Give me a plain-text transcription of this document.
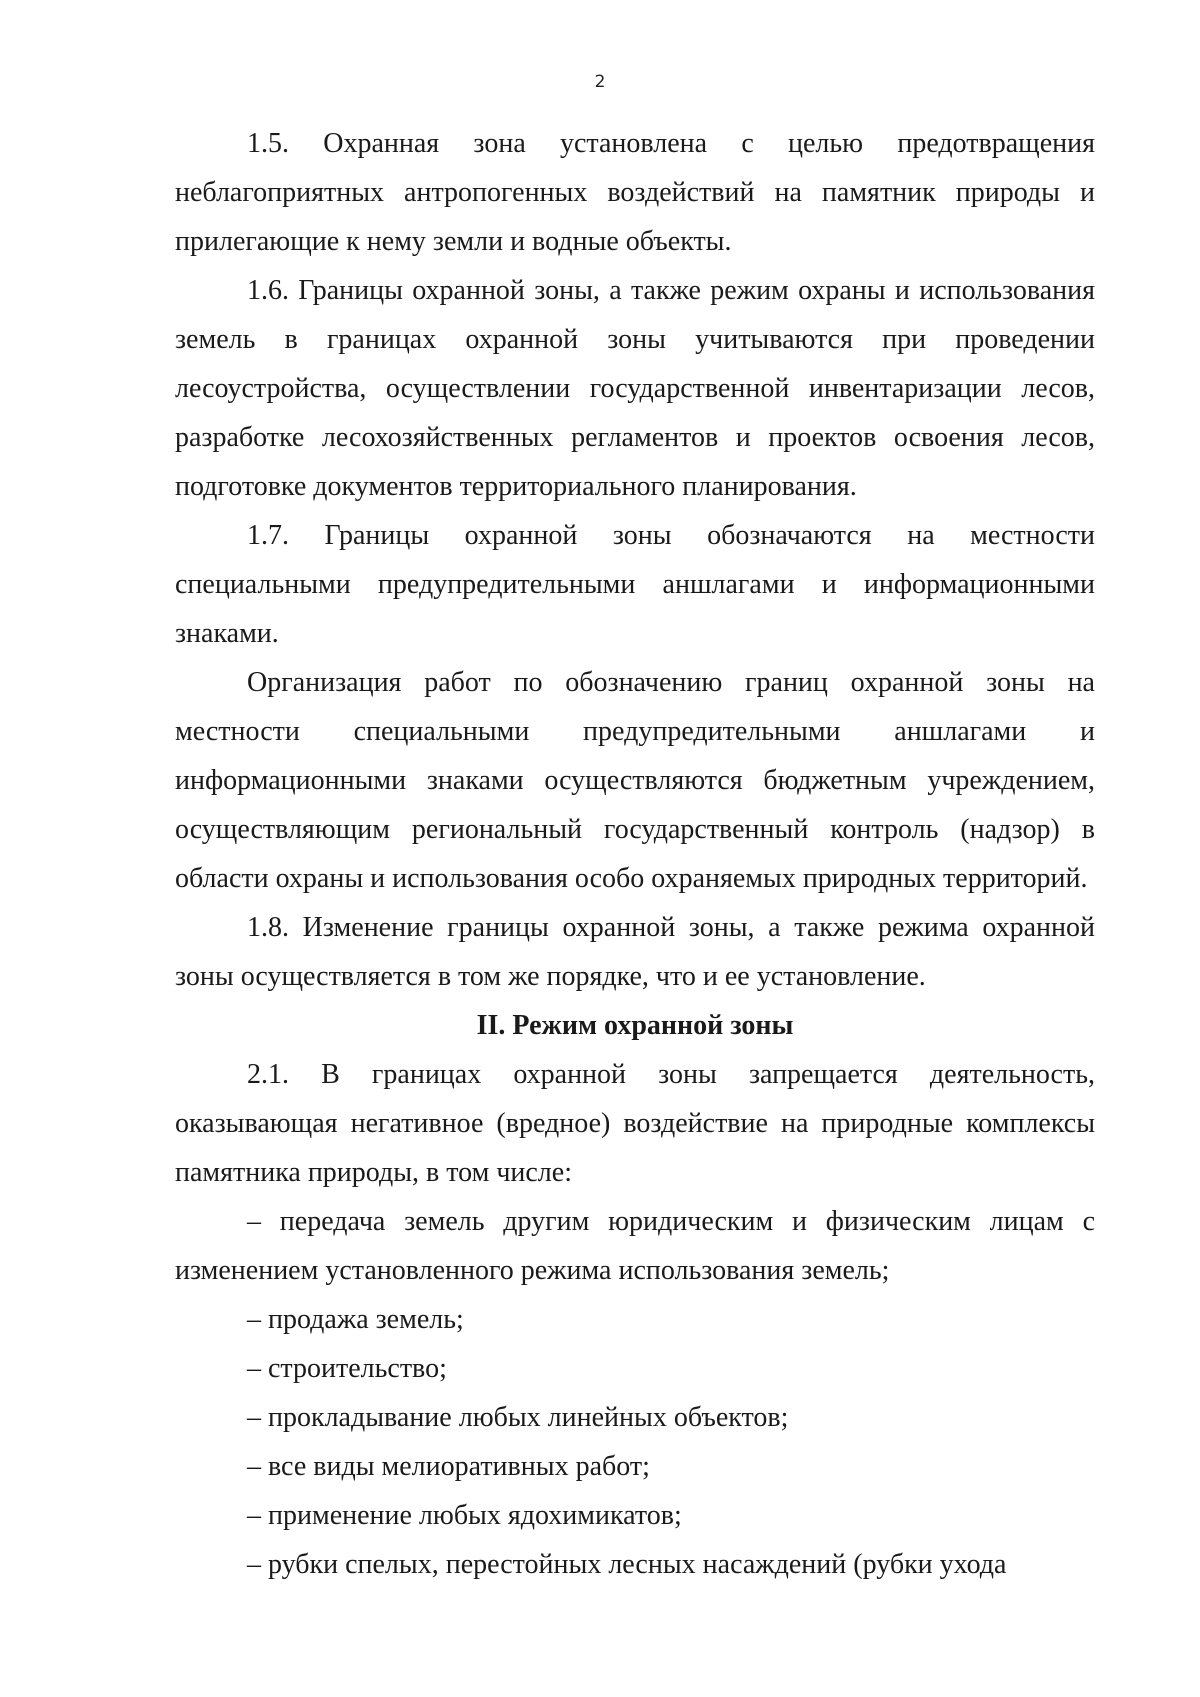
2

1.5. Охранная зона установлена с целью предотвращения неблагоприятных антропогенных воздействий на памятник природы и прилегающие к нему земли и водные объекты.

1.6. Границы охранной зоны, а также режим охраны и использования земель в границах охранной зоны учитываются при проведении лесоустройства, осуществлении государственной инвентаризации лесов, разработке лесохозяйственных регламентов и проектов освоения лесов, подготовке документов территориального планирования.

1.7. Границы охранной зоны обозначаются на местности специальными предупредительными аншлагами и информационными знаками.

Организация работ по обозначению границ охранной зоны на местности специальными предупредительными аншлагами и информационными знаками осуществляются бюджетным учреждением, осуществляющим региональный государственный контроль (надзор) в области охраны и использования особо охраняемых природных территорий.

1.8. Изменение границы охранной зоны, а также режима охранной зоны осуществляется в том же порядке, что и ее установление.

II. Режим охранной зоны

2.1. В границах охранной зоны запрещается деятельность, оказывающая негативное (вредное) воздействие на природные комплексы памятника природы, в том числе:

– передача земель другим юридическим и физическим лицам с изменением установленного режима использования земель;

– продажа земель;

– строительство;

– прокладывание любых линейных объектов;

– все виды мелиоративных работ;

– применение любых ядохимикатов;

– рубки спелых, перестойных лесных насаждений (рубки ухода
